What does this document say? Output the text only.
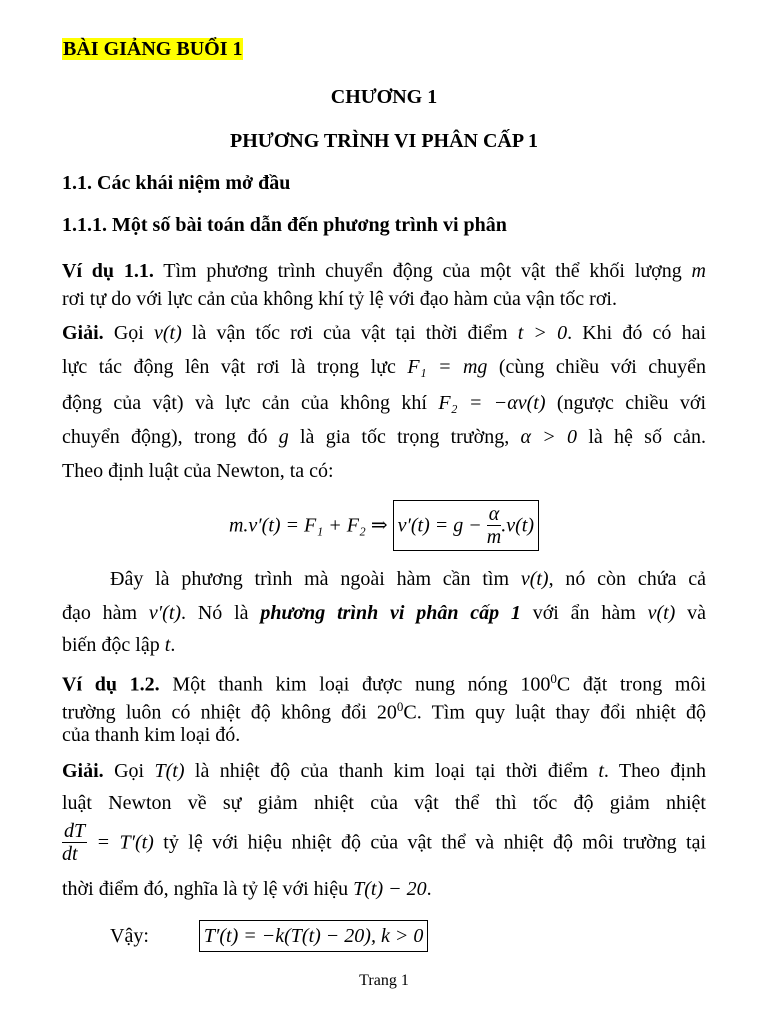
BÀI GIẢNG BUỔI 1
CHƯƠNG 1
PHƯƠNG TRÌNH VI PHÂN CẤP 1
1.1. Các khái niệm mở đầu
1.1.1. Một số bài toán dẫn đến phương trình vi phân
Ví dụ 1.1. Tìm phương trình chuyển động của một vật thể khối lượng m
rơi tự do với lực cản của không khí tỷ lệ với đạo hàm của vận tốc rơi.
Giải. Gọi v(t) là vận tốc rơi của vật tại thời điểm t > 0. Khi đó có hai
lực tác động lên vật rơi là trọng lực F₁ = mg (cùng chiều với chuyển
động của vật) và lực cản của không khí F₂ = −αv(t) (ngược chiều với
chuyển động), trong đó g là gia tốc trọng trường, α > 0 là hệ số cản.
Theo định luật của Newton, ta có:
m.v′(t) = F₁ + F₂ ⇒ $v'(t) = g - \frac{\alpha}{m} .v(t)$
Đây là phương trình mà ngoài hàm cần tìm v(t), nó còn chứa cả
đạo hàm v′(t). Nó là phương trình vi phân cấp 1 với ẩn hàm v(t) và
biến độc lập t.
Ví dụ 1.2. Một thanh kim loại được nung nóng $100^0C$ đặt trong môi
trường luôn có nhiệt độ không đổi $20^0C$. Tìm quy luật thay đổi nhiệt độ
của thanh kim loại đó.
Giải. Gọi T(t) là nhiệt độ của thanh kim loại tại thời điểm t. Theo định
luật Newton về sự giảm nhiệt của vật thể thì tốc độ giảm nhiệt
$\frac{dT}{dt} = T'(t)$ tỷ lệ với hiệu nhiệt độ của vật thể và nhiệt độ môi trường tại
thời điểm đó, nghĩa là tỷ lệ với hiệu T(t) − 20.
Vậy:	T′(t) = −k(T(t) − 20), k > 0
Trang 1
